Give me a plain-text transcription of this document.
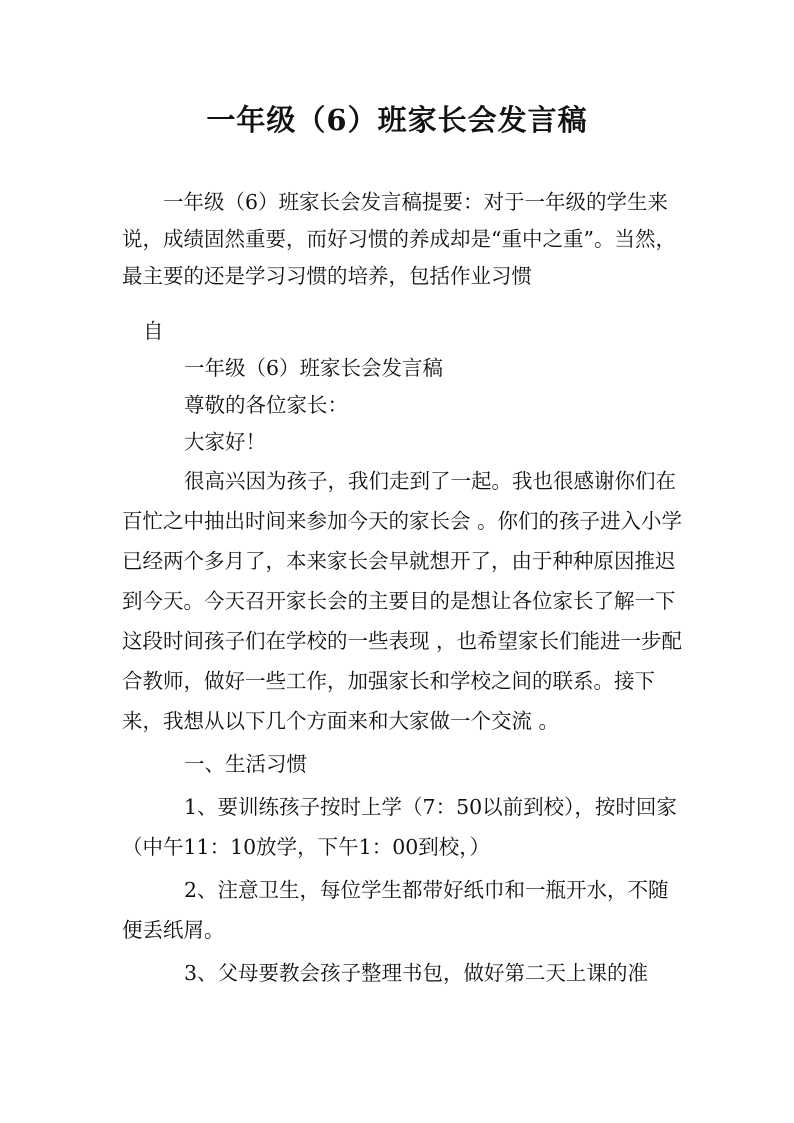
一年级（6）班家长会发言稿

一年级（6）班家长会发言稿提要：对于一年级的学生来说，成绩固然重要，而好习惯的养成却是“重中之重”。当然，最主要的还是学习习惯的培养，包括作业习惯

自

一年级（6）班家长会发言稿

尊敬的各位家长：

大家好！

很高兴因为孩子，我们走到了一起。我也很感谢你们在百忙之中抽出时间来参加今天的家长会 。你们的孩子进入小学已经两个多月了，本来家长会早就想开了，由于种种原因推迟到今天。今天召开家长会的主要目的是想让各位家长了解一下这段时间孩子们在学校的一些表现 ，也希望家长们能进一步配合教师，做好一些工作，加强家长和学校之间的联系。接下来，我想从以下几个方面来和大家做一个交流 。

一、生活习惯

1、要训练孩子按时上学（7：50以前到校），按时回家（中午11：10放学，下午1：00到校，）

2、注意卫生，每位学生都带好纸巾和一瓶开水，不随便丢纸屑。

3、父母要教会孩子整理书包，做好第二天上课的准
